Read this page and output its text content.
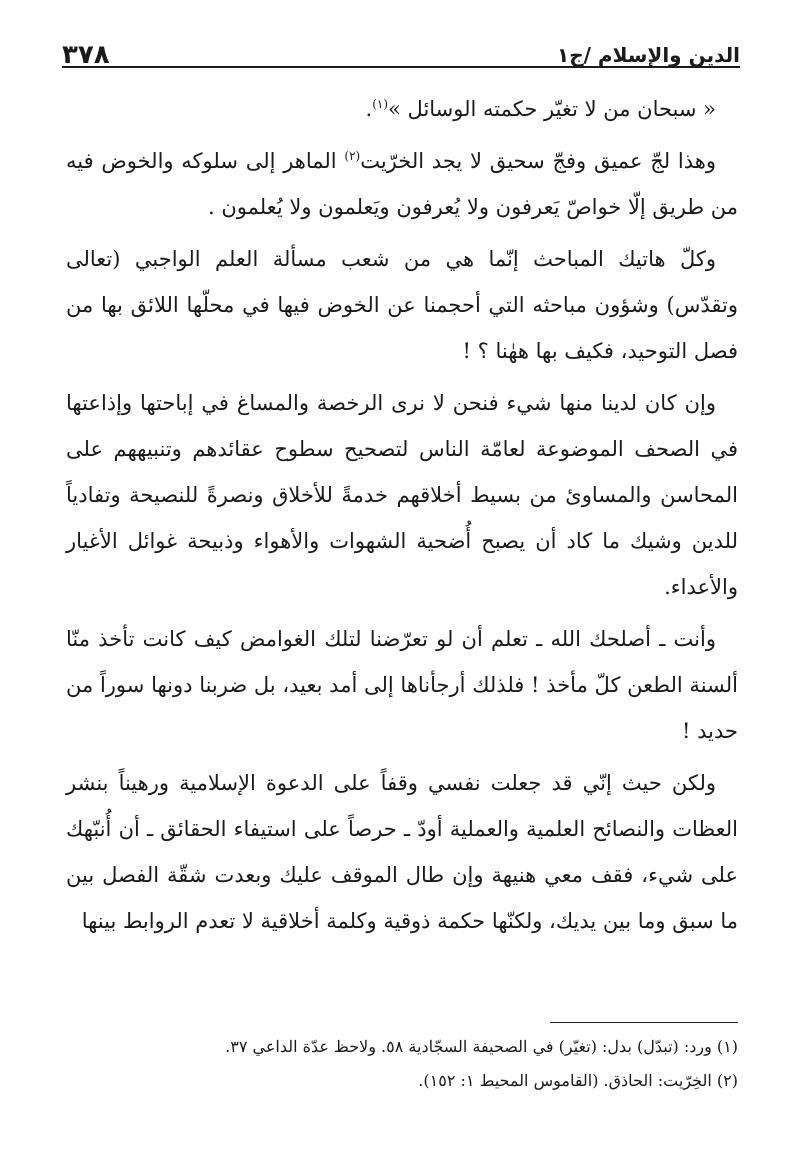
الدين والإسلام /ج١
٣٧٨

« سبحان من لا تغيّر حكمته الوسائل »$^{(١)}$.

وهذا لجّ عميق وفجّ سحيق لا يجد الخرّيت$^{(٢)}$ الماهر إلى سلوكه والخوض فيه من طريق إلّا خواصّ يَعرفون ولا يُعرفون ويَعلمون ولا يُعلمون .

وكلّ هاتيك المباحث إنّما هي من شعب مسألة العلم الواجبي (تعالى وتقدّس) وشؤون مباحثه التي أحجمنا عن الخوض فيها في محلّها اللائق بها من فصل التوحيد، فكيف بها ههٰنا ؟ !

وإن كان لدينا منها شيء فنحن لا نرى الرخصة والمساغ في إباحتها وإذاعتها في الصحف الموضوعة لعامّة الناس لتصحيح سطوح عقائدهم وتنبيههم على المحاسن والمساوئ من بسيط أخلاقهم خدمةً للأخلاق ونصرةً للنصيحة وتفادياً للدين وشيك ما كاد أن يصبح أُضحية الشهوات والأهواء وذبيحة غوائل الأغيار والأعداء.

وأنت ـ أصلحك الله ـ تعلم أن لو تعرّضنا لتلك الغوامض كيف كانت تأخذ منّا ألسنة الطعن كلّ مأخذ ! فلذلك أرجأناها إلى أمد بعيد، بل ضربنا دونها سوراً من حديد !

ولكن حيث إنّي قد جعلت نفسي وقفاً على الدعوة الإسلامية ورهيناً بنشر العظات والنصائح العلمية والعملية أودّ ـ حرصاً على استيفاء الحقائق ـ أن أُنبّهك على شيء، فقف معي هنيهة وإن طال الموقف عليك وبعدت شقّة الفصل بين ما سبق وما بين يديك، ولكنّها حكمة ذوقية وكلمة أخلاقية لا تعدم الروابط بينها

(١) ورد: (تبدّل) بدل: (تغيّر) في الصحيفة السجّادية ٥٨. ولاحظ عدّة الداعي ٣٧.
(٢) الخِرّيت: الحاذق. (القاموس المحيط ١: ١٥٢).
